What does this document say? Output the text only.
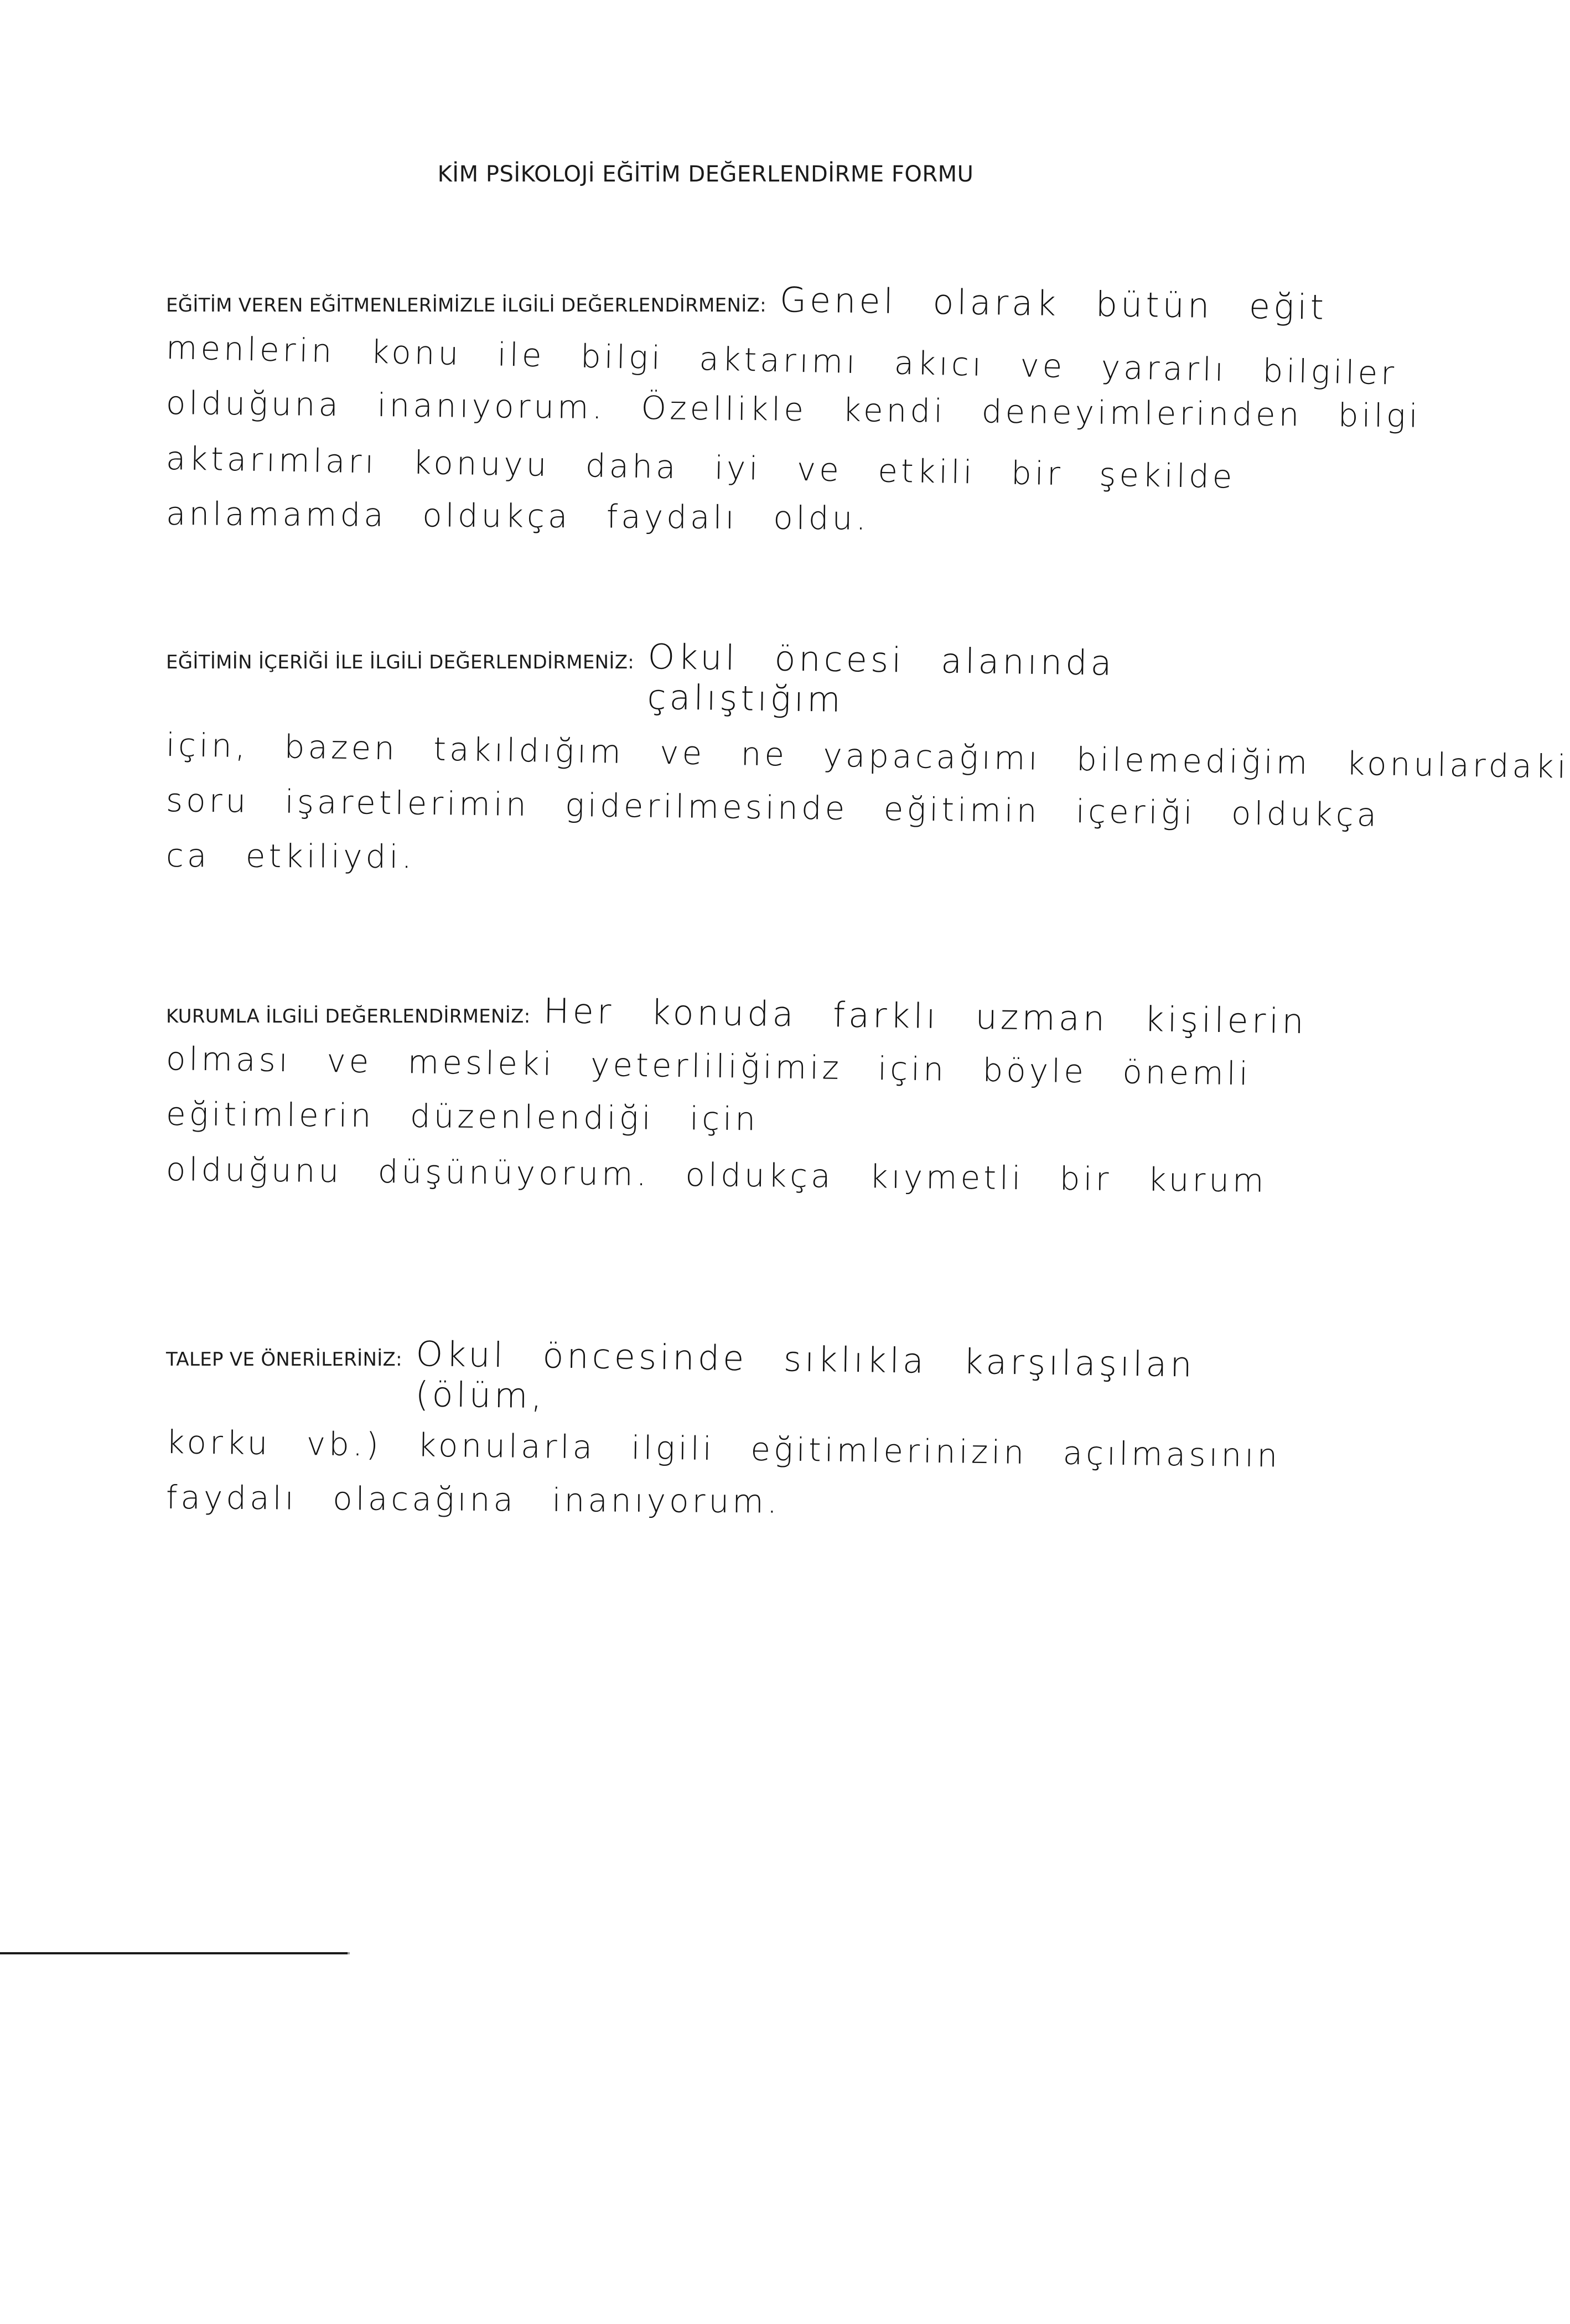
KİM PSİKOLOJİ EĞİTİM DEĞERLENDİRME FORMU
EĞİTİM VEREN EĞİTMENLERİMİZLE İLGİLİ DEĞERLENDİRMENİZ: Genel olarak bütün eğit
menlerin konu ile bilgi aktarımı akıcı ve yararlı bilgiler
olduğuna inanıyorum. Özellikle kendi deneyimlerinden bilgi
aktarımları konuyu daha iyi ve etkili bir şekilde
anlamamda oldukça faydalı oldu.
EĞİTİMİN İÇERİĞİ İLE İLGİLİ DEĞERLENDİRMENİZ: Okul öncesi alanında çalıştığım
için, bazen takıldığım ve ne yapacağımı bilemediğim konulardaki
soru işaretlerimin giderilmesinde eğitimin içeriği oldukça
ca etkiliydi.
KURUMLA İLGİLİ DEĞERLENDİRMENİZ: Her konuda farklı uzman kişilerin
olması ve mesleki yeterliliğimiz için böyle önemli
eğitimlerin düzenlendiği için
olduğunu düşünüyorum. oldukça kıymetli bir kurum
TALEP VE ÖNERİLERİNİZ: Okul öncesinde sıklıkla karşılaşılan (ölüm,
korku vb.) konularla ilgili eğitimlerinizin açılmasının
faydalı olacağına inanıyorum.
